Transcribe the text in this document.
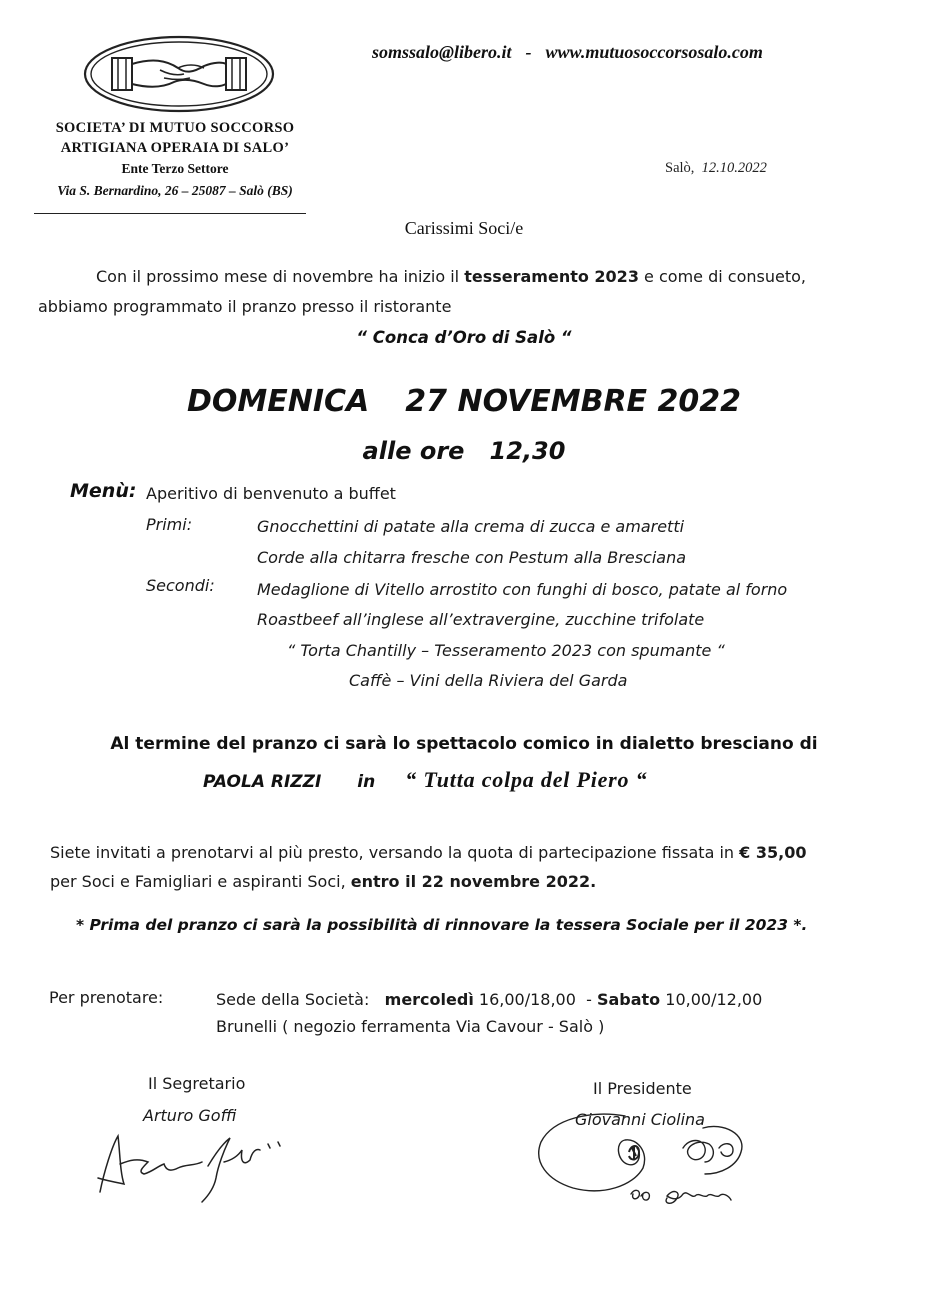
SOCIETA’ DI MUTUO SOCCORSO
ARTIGIANA OPERAIA DI SALO’
Ente Terzo Settore
Via S. Bernardino, 26 – 25087 – Salò (BS)
somssalo@libero.it - www.mutuosoccorsosalo.com
Salò, 12.10.2022
Carissimi Soci/e
Con il prossimo mese di novembre ha inizio il tesseramento 2023 e come di consueto,
abbiamo programmato il pranzo presso il ristorante
“ Conca d’Oro di Salò “
DOMENICA 27 NOVEMBRE 2022
alle ore 12,30
Menù: Aperitivo di benvenuto a buffet
Primi:	Gnocchettini di patate alla crema di zucca e amaretti
Corde alla chitarra fresche con Pestum alla Bresciana
Secondi:	Medaglione di Vitello arrostito con funghi di bosco, patate al forno
Roastbeef all’inglese all’extravergine, zucchine trifolate
“ Torta Chantilly – Tesseramento 2023 con spumante “
Caffè – Vini della Riviera del Garda
Al termine del pranzo ci sarà lo spettacolo comico in dialetto bresciano di
PAOLA RIZZI in “ Tutta colpa del Piero “
Siete invitati a prenotarvi al più presto, versando la quota di partecipazione fissata in € 35,00
per Soci e Famigliari e aspiranti Soci, entro il 22 novembre 2022.
* Prima del pranzo ci sarà la possibilità di rinnovare la tessera Sociale per il 2023 *.
Per prenotare:	Sede della Società: mercoledì 16,00/18,00 - Sabato 10,00/12,00
Brunelli ( negozio ferramenta Via Cavour - Salò )
Il Segretario
Arturo Goffi
Il Presidente
Giovanni Ciolina
